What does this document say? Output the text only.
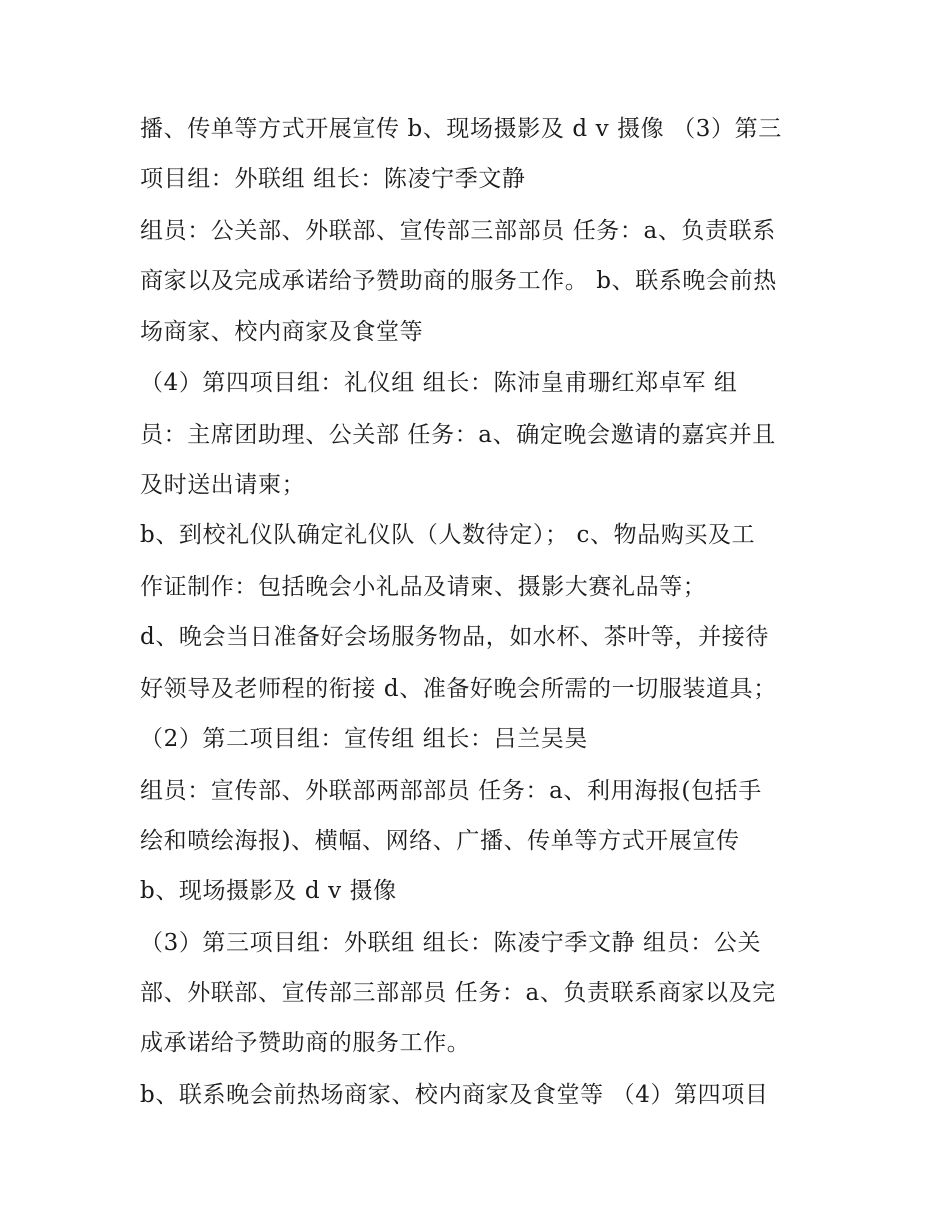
播、传单等方式开展宣传 b、现场摄影及 d v 摄像 （3）第三
项目组：外联组 组长：陈凌宁季文静
组员：公关部、外联部、宣传部三部部员 任务：a、负责联系
商家以及完成承诺给予赞助商的服务工作。 b、联系晚会前热
场商家、校内商家及食堂等
（4）第四项目组：礼仪组 组长：陈沛皇甫珊红郑卓军 组
员：主席团助理、公关部 任务：a、确定晚会邀请的嘉宾并且
及时送出请柬；
b、到校礼仪队确定礼仪队（人数待定）； c、物品购买及工
作证制作：包括晚会小礼品及请柬、摄影大赛礼品等；
d、晚会当日准备好会场服务物品，如水杯、茶叶等，并接待
好领导及老师程的衔接 d、准备好晚会所需的一切服装道具；
（2）第二项目组：宣传组 组长：吕兰吴昊
组员：宣传部、外联部两部部员 任务：a、利用海报(包括手
绘和喷绘海报)、横幅、网络、广播、传单等方式开展宣传
b、现场摄影及 d v 摄像
（3）第三项目组：外联组 组长：陈凌宁季文静 组员：公关
部、外联部、宣传部三部部员 任务：a、负责联系商家以及完
成承诺给予赞助商的服务工作。
b、联系晚会前热场商家、校内商家及食堂等 （4）第四项目
